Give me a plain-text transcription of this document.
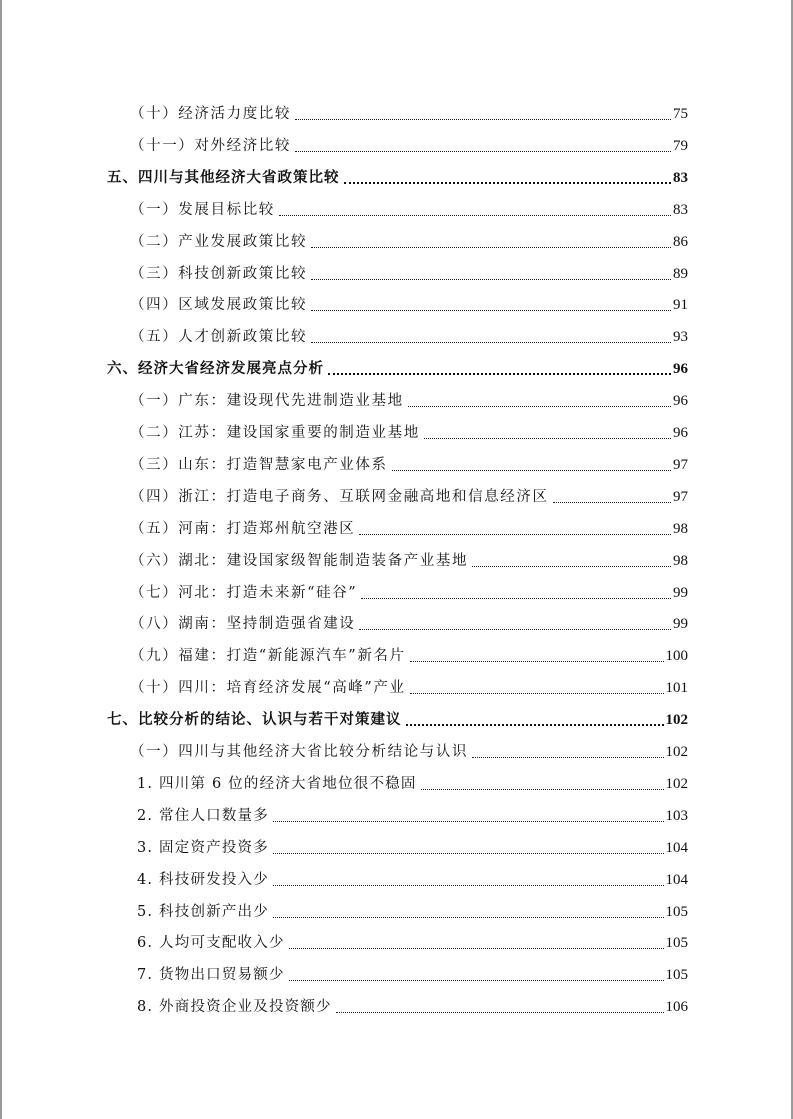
（十）经济活力度比较	75
（十一）对外经济比较	79
五、四川与其他经济大省政策比较	83
（一）发展目标比较	83
（二）产业发展政策比较	86
（三）科技创新政策比较	89
（四）区域发展政策比较	91
（五）人才创新政策比较	93
六、经济大省经济发展亮点分析	96
（一）广东：建设现代先进制造业基地	96
（二）江苏：建设国家重要的制造业基地	96
（三）山东：打造智慧家电产业体系	97
（四）浙江：打造电子商务、互联网金融高地和信息经济区	97
（五）河南：打造郑州航空港区	98
（六）湖北：建设国家级智能制造装备产业基地	98
（七）河北：打造未来新“硅谷”	99
（八）湖南：坚持制造强省建设	99
（九）福建：打造“新能源汽车”新名片	100
（十）四川：培育经济发展“高峰”产业	101
七、比较分析的结论、认识与若干对策建议	102
（一）四川与其他经济大省比较分析结论与认识	102
1. 四川第 6 位的经济大省地位很不稳固	102
2. 常住人口数量多	103
3. 固定资产投资多	104
4. 科技研发投入少	104
5. 科技创新产出少	105
6. 人均可支配收入少	105
7. 货物出口贸易额少	105
8. 外商投资企业及投资额少	106
